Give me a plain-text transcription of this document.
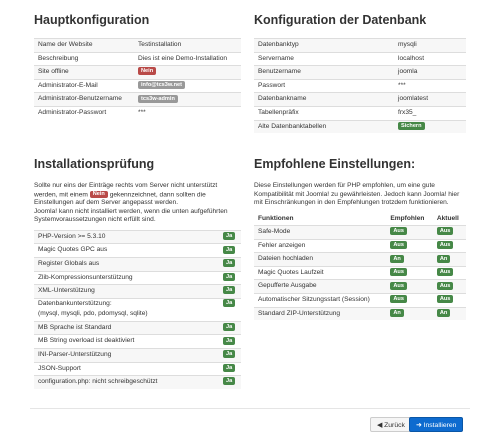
Hauptkonfiguration
Name der Website	Testinstallation
Beschreibung	Dies ist eine Demo-Installation
Site offline	Nein
Administrator-E-Mail	info@tcs3w.net
Administrator-Benutzername	tcs3w-admin
Administrator-Passwort	***
Konfiguration der Datenbank
Datenbanktyp	mysqli
Servername	localhost
Benutzername	joomla
Passwort	***
Datenbankname	joomlatest
Tabellenpräfix	frx35_
Alte Datenbanktabellen	Sichern
Installationsprüfung

Sollte nur eins der Einträge rechts vom Server nicht unterstützt werden, mit einem Nein gekennzeichnet, dann sollten die Einstellungen auf dem Server angepasst werden.
Joomla! kann nicht installiert werden, wenn die unten aufgeführten Systemvoraussetzungen nicht erfüllt sind.

PHP-Version >= 5.3.10	Ja
Magic Quotes GPC aus	Ja
Register Globals aus	Ja
Zlib-Kompressionsunterstützung	Ja
XML-Unterstützung	Ja
Datenbankunterstützung:
(mysql, mysqli, pdo, pdomysql, sqlite)	Ja
MB Sprache ist Standard	Ja
MB String overload ist deaktiviert	Ja
INI-Parser-Unterstützung	Ja
JSON-Support	Ja
configuration.php: nicht schreibgeschützt	Ja
Empfohlene Einstellungen:

Diese Einstellungen werden für PHP empfohlen, um eine gute Kompatibilität mit Joomla! zu gewährleisten. Jedoch kann Joomla! hier mit Einschränkungen in den Empfehlungen trotzdem funktionieren.

Funktionen	Empfohlen	Aktuell
Safe-Mode	Aus	Aus
Fehler anzeigen	Aus	Aus
Dateien hochladen	An	An
Magic Quotes Laufzeit	Aus	Aus
Gepufferte Ausgabe	Aus	Aus
Automatischer Sitzungsstart (Session)	Aus	Aus
Standard ZIP-Unterstützung	An	An
◀ Zurück	➜ Installieren
